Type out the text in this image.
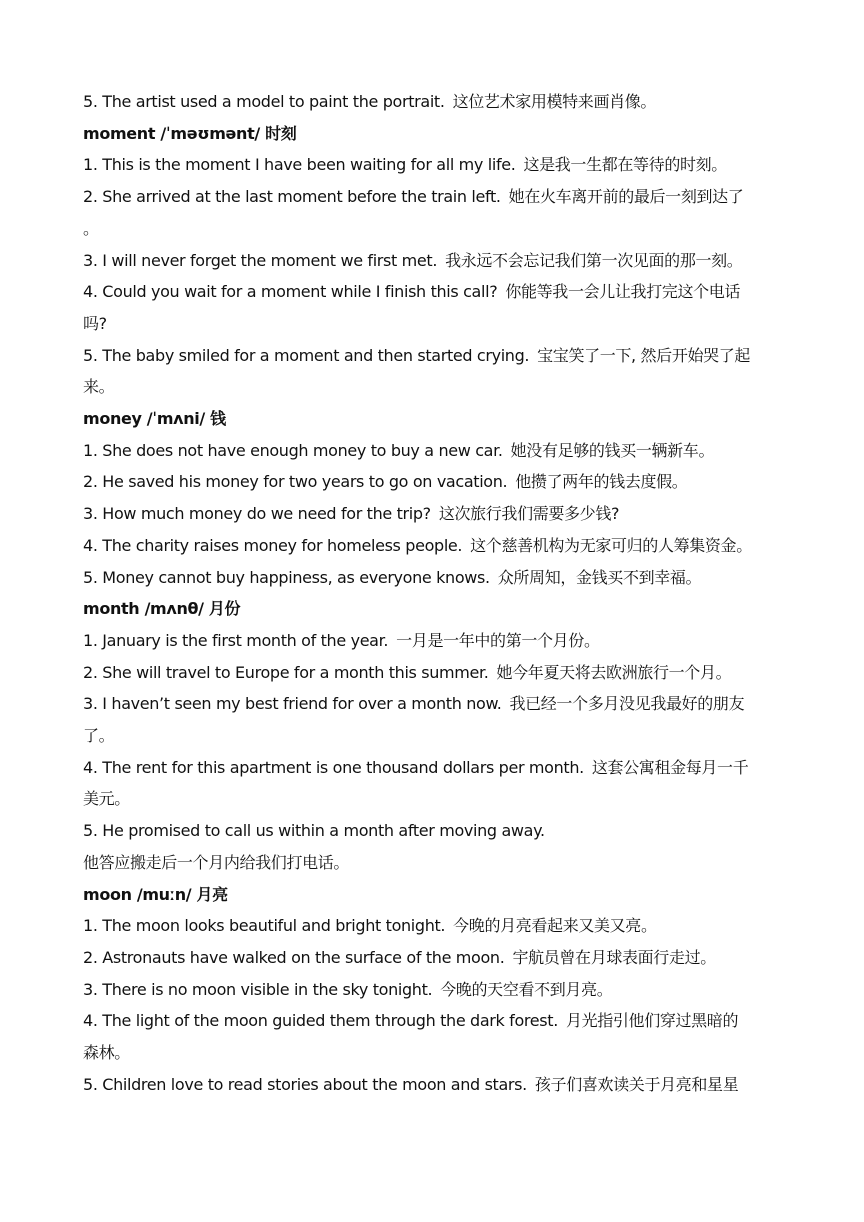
5. The artist used a model to paint the portrait. 这位艺术家用模特来画肖像。
moment /ˈməʊmənt/ 时刻
1. This is the moment I have been waiting for all my life. 这是我一生都在等待的时刻。
2. She arrived at the last moment before the train left. 她在火车离开前的最后一刻到达了
。
3. I will never forget the moment we first met. 我永远不会忘记我们第一次见面的那一刻。
4. Could you wait for a moment while I finish this call? 你能等我一会儿让我打完这个电话
吗?
5. The baby smiled for a moment and then started crying. 宝宝笑了一下, 然后开始哭了起
来。
money /ˈmʌni/ 钱
1. She does not have enough money to buy a new car. 她没有足够的钱买一辆新车。
2. He saved his money for two years to go on vacation. 他攒了两年的钱去度假。
3. How much money do we need for the trip? 这次旅行我们需要多少钱?
4. The charity raises money for homeless people. 这个慈善机构为无家可归的人筹集资金。
5. Money cannot buy happiness, as everyone knows. 众所周知，金钱买不到幸福。
month /mʌnθ/ 月份
1. January is the first month of the year. 一月是一年中的第一个月份。
2. She will travel to Europe for a month this summer. 她今年夏天将去欧洲旅行一个月。
3. I haven’t seen my best friend for over a month now. 我已经一个多月没见我最好的朋友
了。
4. The rent for this apartment is one thousand dollars per month. 这套公寓租金每月一千
美元。
5. He promised to call us within a month after moving away.
他答应搬走后一个月内给我们打电话。
moon /muːn/ 月亮
1. The moon looks beautiful and bright tonight. 今晚的月亮看起来又美又亮。
2. Astronauts have walked on the surface of the moon. 宇航员曾在月球表面行走过。
3. There is no moon visible in the sky tonight. 今晚的天空看不到月亮。
4. The light of the moon guided them through the dark forest. 月光指引他们穿过黑暗的
森林。
5. Children love to read stories about the moon and stars. 孩子们喜欢读关于月亮和星星
